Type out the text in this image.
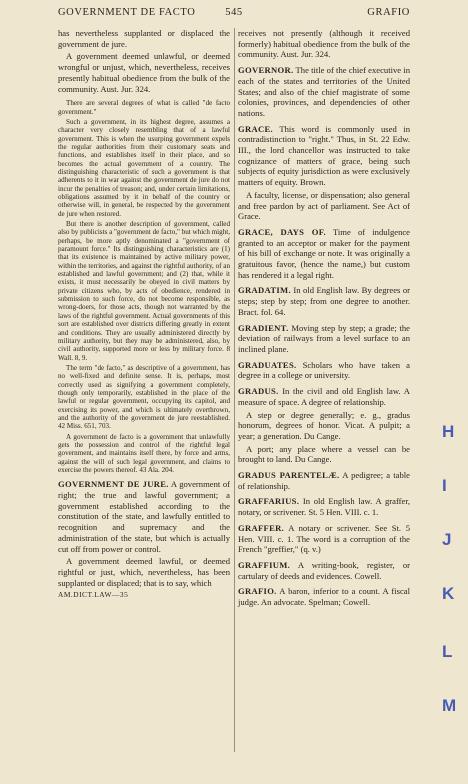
GOVERNMENT DE FACTO	545	GRAFIO

has nevertheless supplanted or displaced the government de jure.

A government deemed unlawful, or deemed wrongful or unjust, which, nevertheless, receives presently habitual obedience from the bulk of the community. Aust. Jur. 324.

There are several degrees of what is called "de facto government."

Such a government, in its highest degree, assumes a character very closely resembling that of a lawful government. This is when the usurping government expels the regular authorities from their customary seats and functions, and establishes itself in their place, and so becomes the actual government of a country. The distinguishing characteristic of such a government is that adherents to it in war against the government de jure do not incur the penalties of treason; and, under certain limitations, obligations assumed by it in behalf of the country or otherwise will, in general, be respected by the government de jure when restored.

But there is another description of government, called also by publicists a "government de facto," but which might, perhaps, be more aptly denominated a "government of paramount force." Its distinguishing characteristics are (1) that its existence is maintained by active military power, within the territories, and against the rightful authority, of an established and lawful government; and (2) that, while it exists, it must necessarily be obeyed in civil matters by private citizens who, by acts of obedience, rendered in submission to such force, do not become responsible, as wrong-doers, for those acts, though not warranted by the laws of the rightful government. Actual governments of this sort are established over districts differing greatly in extent and conditions. They are usually administered directly by military authority, but they may be administered, also, by civil authority, supported more or less by military force. 8 Wall. 8, 9.

The term "de facto," as descriptive of a government, has no well-fixed and definite sense. It is, perhaps, most correctly used as signifying a government completely, though only temporarily, established in the place of the lawful or regular government, occupying its capitol, and exercising its power, and which is ultimately overthrown, and the authority of the government de jure reestablished. 42 Miss. 651, 703.

A government de facto is a government that unlawfully gets the possession and control of the rightful legal government, and maintains itself there, by force and arms, against the will of such legal government, and claims to exercise the powers thereof. 43 Ala. 204.

GOVERNMENT DE JURE. A government of right; the true and lawful government; a government established according to the constitution of the state, and lawfully entitled to recognition and supremacy and the administration of the state, but which is actually cut off from power or control.

A government deemed lawful, or deemed rightful or just, which, nevertheless, has been supplanted or displaced; that is to say, which

AM.DICT.LAW—35

receives not presently (although it received formerly) habitual obedience from the bulk of the community. Aust. Jur. 324.

GOVERNOR. The title of the chief executive in each of the states and territories of the United States; and also of the chief magistrate of some colonies, provinces, and dependencies of other nations.

GRACE. This word is commonly used in contradistinction to "right." Thus, in St. 22 Edw. III., the lord chancellor was instructed to take cognizance of matters of grace, being such subjects of equity jurisdiction as were exclusively matters of equity. Brown.

A faculty, license, or dispensation; also general and free pardon by act of parliament. See Act of Grace.

GRACE, DAYS OF. Time of indulgence granted to an acceptor or maker for the payment of his bill of exchange or note. It was originally a gratuitous favor, (hence the name,) but custom has rendered it a legal right.

GRADATIM. In old English law. By degrees or steps; step by step; from one degree to another. Bract. fol. 64.

GRADIENT. Moving step by step; a grade; the deviation of railways from a level surface to an inclined plane.

GRADUATES. Scholars who have taken a degree in a college or university.

GRADUS. In the civil and old English law. A measure of space. A degree of relationship.

A step or degree generally; e. g., gradus honorum, degrees of honor. Vicat. A pulpit; a year; a generation. Du Cange.

A port; any place where a vessel can be brought to land. Du Cange.

GRADUS PARENTELÆ. A pedigree; a table of relationship.

GRAFFARIUS. In old English law. A graffer, notary, or scrivener. St. 5 Hen. VIII. c. 1.

GRAFFER. A notary or scrivener. See St. 5 Hen. VIII. c. 1. The word is a corruption of the French "greffier," (q. v.)

GRAFFIUM. A writing-book, register, or cartulary of deeds and evidences. Cowell.

GRAFIO. A baron, inferior to a count. A fiscal judge. An advocate. Spelman; Cowell.

H
I
J
K
L
M
